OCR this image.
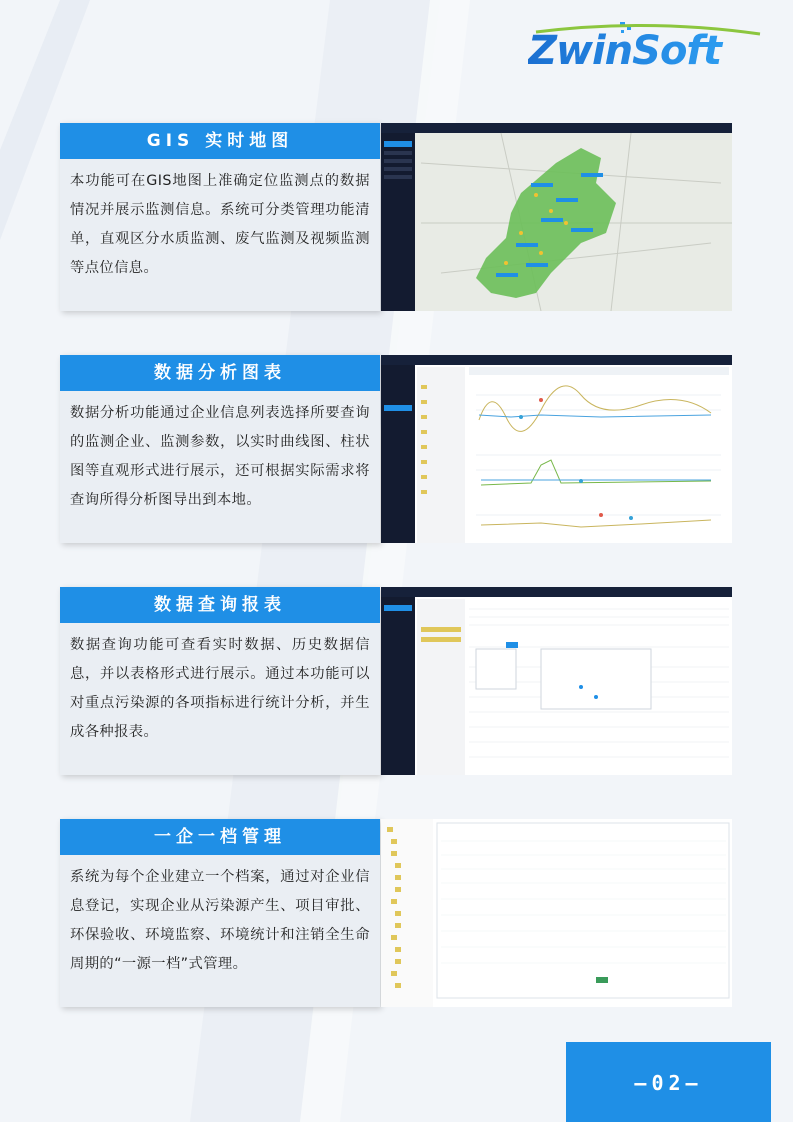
ZwinSoft
GIS 实时地图
本功能可在GIS地图上准确定位监测点的数据情况并展示监测信息。系统可分类管理功能清单，直观区分水质监测、废气监测及视频监测等点位信息。
数据分析图表
数据分析功能通过企业信息列表选择所要查询的监测企业、监测参数，以实时曲线图、柱状图等直观形式进行展示，还可根据实际需求将查询所得分析图导出到本地。
数据查询报表
数据查询功能可查看实时数据、历史数据信息，并以表格形式进行展示。通过本功能可以对重点污染源的各项指标进行统计分析，并生成各种报表。
一企一档管理
系统为每个企业建立一个档案，通过对企业信息登记，实现企业从污染源产生、项目审批、环保验收、环境监察、环境统计和注销全生命周期的“一源一档”式管理。
—02—
